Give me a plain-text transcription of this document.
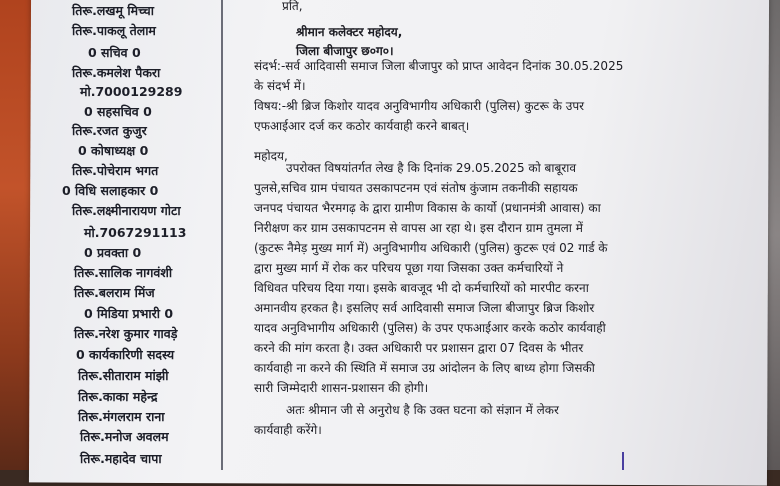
तिरू.लखमू मिच्चा
तिरू.पाकलू तेलाम
0 सचिव 0
तिरू.कमलेश पैकरा
मो.7000129289
0 सहसचिव 0
तिरू.रजत कुजुर
0 कोषाध्यक्ष 0
तिरू.पोचेराम भगत
0 विधि सलाहकार 0
तिरू.लक्ष्मीनारायण गोटा
मो.7067291113
0 प्रवक्ता 0
तिरू.सालिक नागवंशी
तिरू.बलराम मिंज
0 मिडिया प्रभारी 0
तिरू.नरेश कुमार गावड़े
0 कार्यकारिणी सदस्य
तिरू.सीताराम मांझी
तिरू.काका महेन्द्र
तिरू.मंगलराम राना
तिरू.मनोज अवलम
तिरू.महादेव चापा
प्रति,
श्रीमान कलेक्टर महोदय,
जिला बीजापुर छ०ग०।
संदर्भ:-सर्व आदिवासी समाज जिला बीजापुर को प्राप्त आवेदन दिनांक 30.05.2025
के संदर्भ में।
विषय:-श्री ब्रिज किशोर यादव अनुविभागीय अधिकारी (पुलिस) कुटरू के उपर
एफआईआर दर्ज कर कठोर कार्यवाही करने बाबत्।
महोदय,
उपरोक्त विषयांतर्गत लेख है कि दिनांक 29.05.2025 को बाबूराव
पुलसे,सचिव ग्राम पंचायत उसकापटनम एवं संतोष कुंजाम तकनीकी सहायक
जनपद पंचायत भैरमगढ़ के द्वारा ग्रामीण विकास के कार्यो (प्रधानमंत्री आवास) का
निरीक्षण कर ग्राम उसकापटनम से वापस आ रहा थे। इस दौरान ग्राम तुमला में
(कुटरू नैमेड़ मुख्य मार्ग में) अनुविभागीय अधिकारी (पुलिस) कुटरू एवं 02 गार्ड के
द्वारा मुख्य मार्ग में रोक कर परिचय पूछा गया जिसका उक्त कर्मचारियों ने
विधिवत परिचय दिया गया। इसके बावजूद भी दो कर्मचारियों को मारपीट करना
अमानवीय हरकत है। इसलिए सर्व आदिवासी समाज जिला बीजापुर ब्रिज किशोर
यादव अनुविभागीय अधिकारी (पुलिस) के उपर एफआईआर करके कठोर कार्यवाही
करने की मांग करता है। उक्त अधिकारी पर प्रशासन द्वारा 07 दिवस के भीतर
कार्यवाही ना करने की स्थिति में समाज उग्र आंदोलन के लिए बाध्य होगा जिसकी
सारी जिम्मेदारी शासन-प्रशासन की होगी।
अतः श्रीमान जी से अनुरोध है कि उक्त घटना को संज्ञान में लेकर
कार्यवाही करेंगे।
